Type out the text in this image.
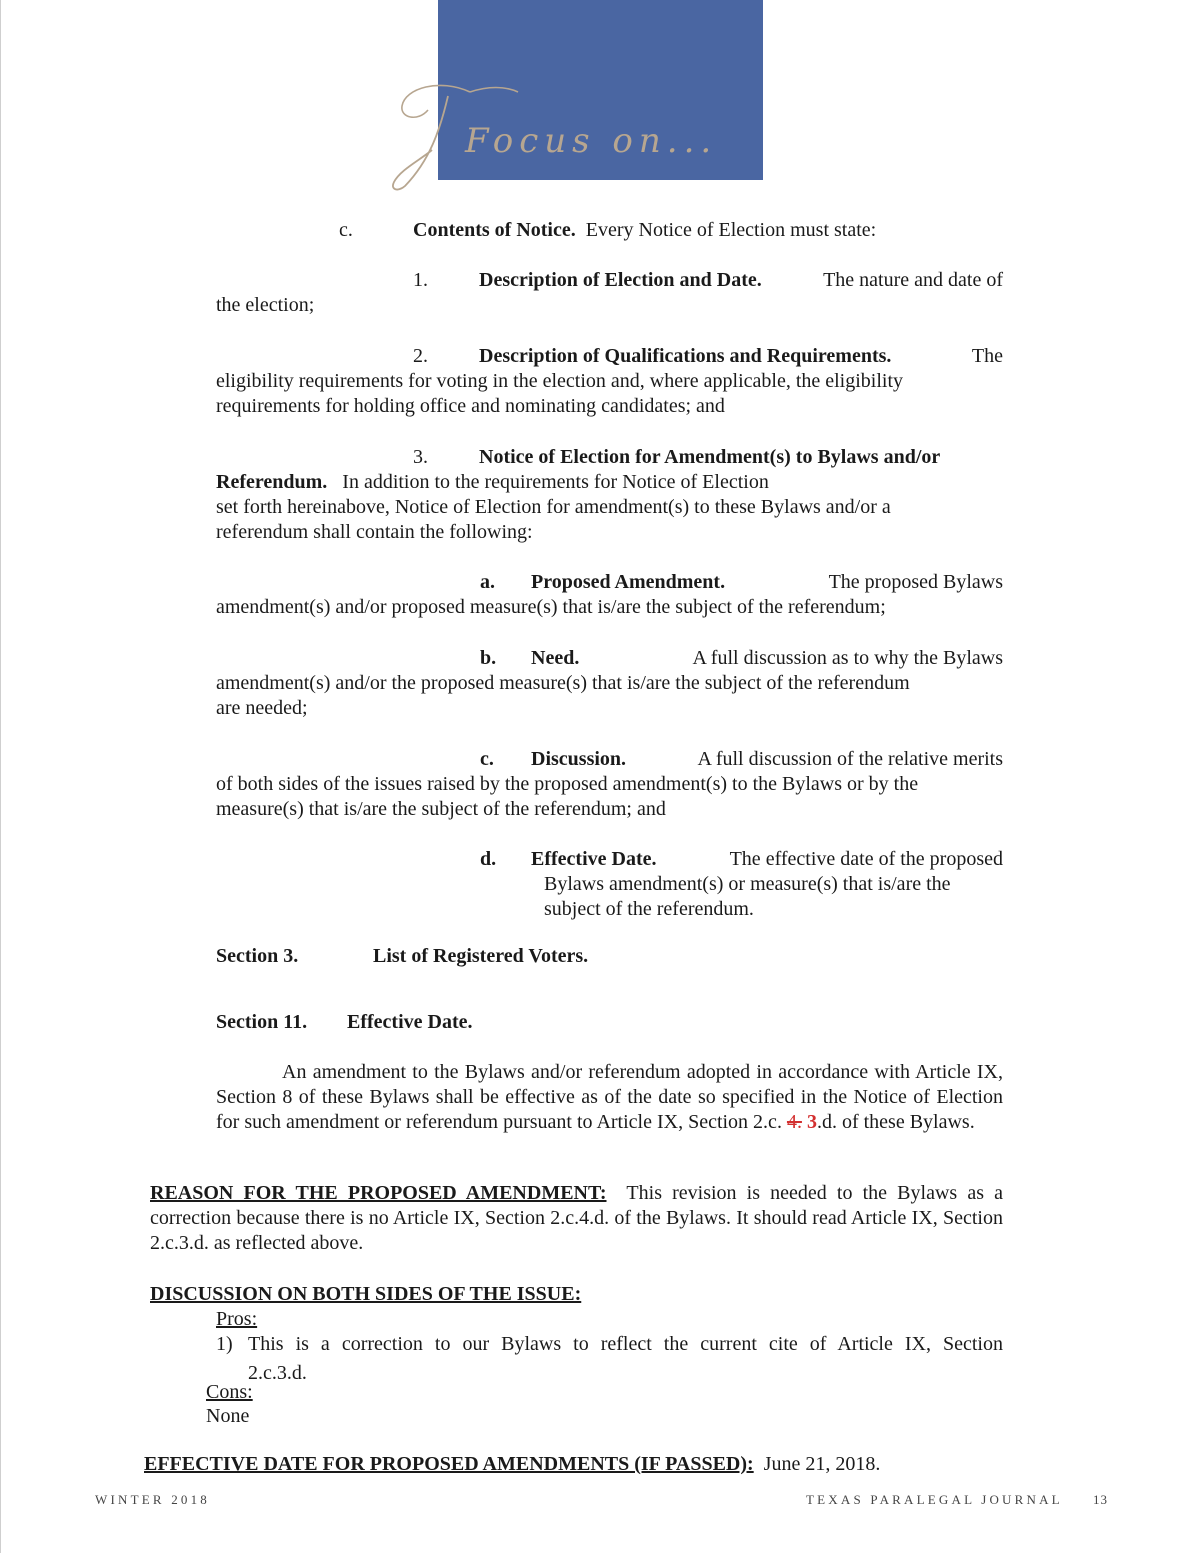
Focus on...
c.	Contents of Notice. Every Notice of Election must state:
1.	Description of Election and Date.	The nature and date of
the election;
2.	Description of Qualifications and Requirements.	The
eligibility requirements for voting in the election and, where applicable, the eligibility
requirements for holding office and nominating candidates; and
3.	Notice of Election for Amendment(s) to Bylaws and/or
Referendum. In addition to the requirements for Notice of Election
set forth hereinabove, Notice of Election for amendment(s) to these Bylaws and/or a
referendum shall contain the following:
a. Proposed Amendment.	The proposed Bylaws
amendment(s) and/or proposed measure(s) that is/are the subject of the referendum;
b. Need.	A full discussion as to why the Bylaws
amendment(s) and/or the proposed measure(s) that is/are the subject of the referendum
are needed;
c. Discussion.	A full discussion of the relative merits
of both sides of the issues raised by the proposed amendment(s) to the Bylaws or by the
measure(s) that is/are the subject of the referendum; and
d. Effective Date.	The effective date of the proposed
Bylaws amendment(s) or measure(s) that is/are the
subject of the referendum.
Section 3.	List of Registered Voters.
Section 11. Effective Date.
An amendment to the Bylaws and/or referendum adopted in accordance with Article IX, Section 8 of these Bylaws shall be effective as of the date so specified in the Notice of Election for such amendment or referendum pursuant to Article IX, Section 2.c. 4. 3.d. of these Bylaws.
REASON FOR THE PROPOSED AMENDMENT: This revision is needed to the Bylaws as a correction because there is no Article IX, Section 2.c.4.d. of the Bylaws. It should read Article IX, Section 2.c.3.d. as reflected above.
DISCUSSION ON BOTH SIDES OF THE ISSUE:
Pros:
1) This is a correction to our Bylaws to reflect the current cite of Article IX, Section
2.c.3.d.
Cons:
None
EFFECTIVE DATE FOR PROPOSED AMENDMENTS (IF PASSED): June 21, 2018.
WINTER 2018	TEXAS PARALEGAL JOURNAL 13
